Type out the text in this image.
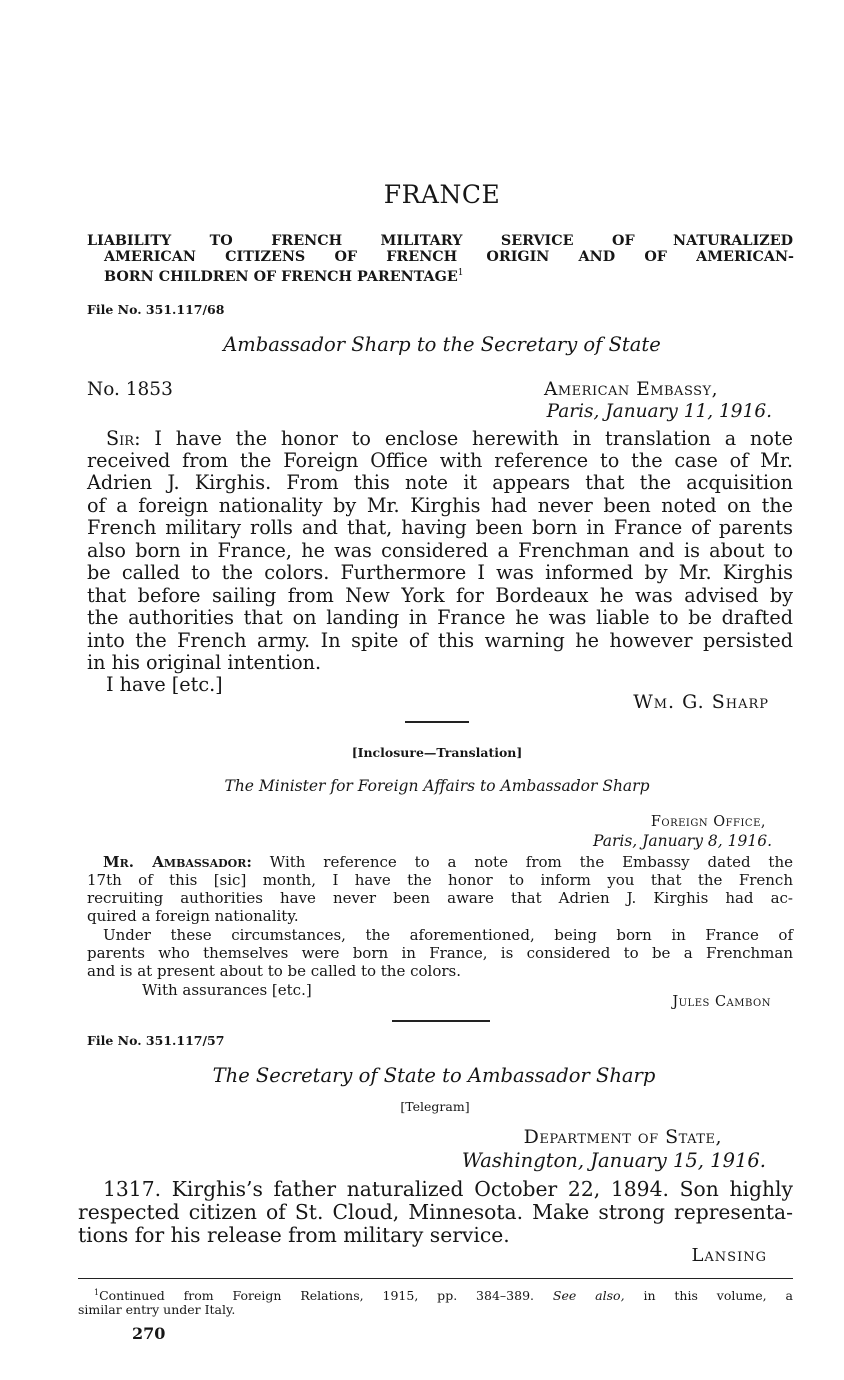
FRANCE
LIABILITY TO FRENCH MILITARY SERVICE OF NATURALIZED
AMERICAN CITIZENS OF FRENCH ORIGIN AND OF AMERICAN-
BORN CHILDREN OF FRENCH PARENTAGE$^1$
File No. 351.117/68
Ambassador Sharp to the Secretary of State
No. 1853	American Embassy,
Paris, January 11, 1916.
Sir: I have the honor to enclose herewith in translation a note
received from the Foreign Office with reference to the case of Mr.
Adrien J. Kirghis. From this note it appears that the acquisition
of a foreign nationality by Mr. Kirghis had never been noted on the
French military rolls and that, having been born in France of parents
also born in France, he was considered a Frenchman and is about to
be called to the colors. Furthermore I was informed by Mr. Kirghis
that before sailing from New York for Bordeaux he was advised by
the authorities that on landing in France he was liable to be drafted
into the French army. In spite of this warning he however persisted
in his original intention.
I have [etc.]
Wm. G. Sharp
[Inclosure—Translation]
The Minister for Foreign Affairs to Ambassador Sharp
Foreign Office,
Paris, January 8, 1916.
Mr. Ambassador: With reference to a note from the Embassy dated the
17th of this [sic] month, I have the honor to inform you that the French
recruiting authorities have never been aware that Adrien J. Kirghis had ac-
quired a foreign nationality.
Under these circumstances, the aforementioned, being born in France of
parents who themselves were born in France, is considered to be a Frenchman
and is at present about to be called to the colors.
With assurances [etc.]
Jules Cambon
File No. 351.117/57
The Secretary of State to Ambassador Sharp
[Telegram]
Department of State,
Washington, January 15, 1916.
1317. Kirghis’s father naturalized October 22, 1894. Son highly
respected citizen of St. Cloud, Minnesota. Make strong representa-
tions for his release from military service.
Lansing
$^1$Continued from Foreign Relations, 1915, pp. 384–389. See also, in this volume, a
similar entry under Italy.
270
